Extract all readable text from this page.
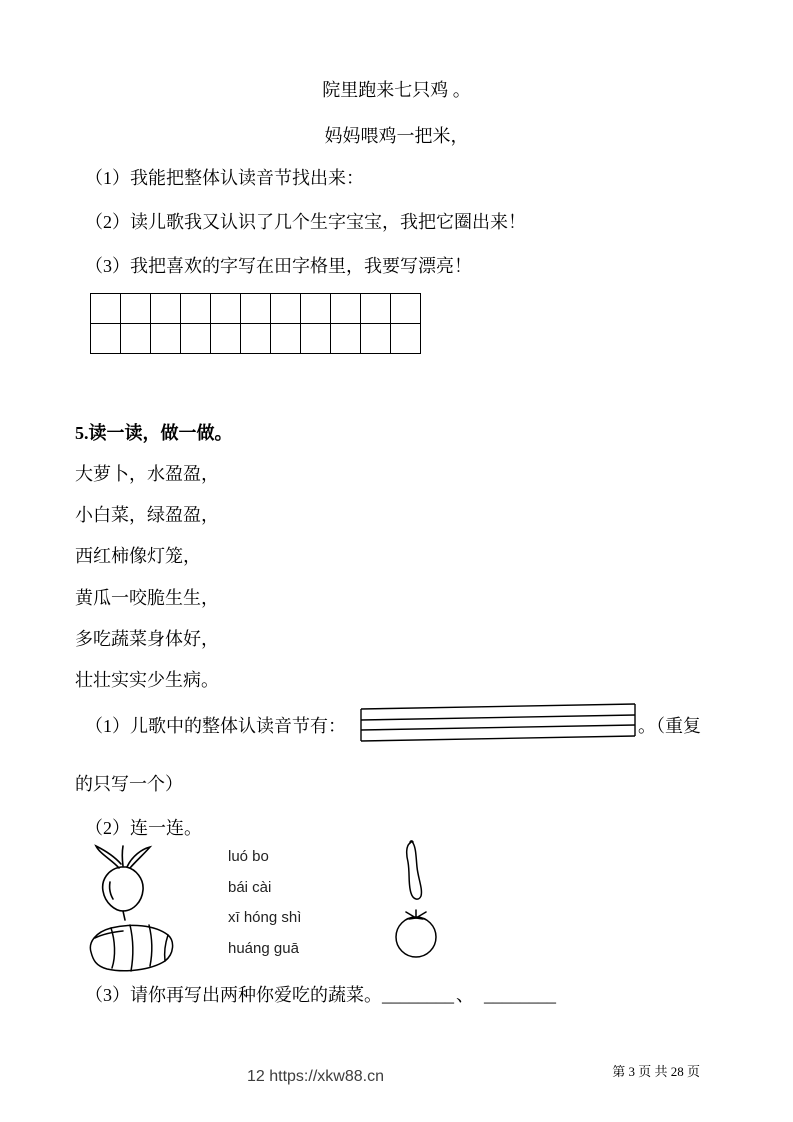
院里跑来七只鸡 。
妈妈喂鸡一把米，
（1）我能把整体认读音节找出来：
（2）读儿歌我又认识了几个生字宝宝，我把它圈出来！
（3）我把喜欢的字写在田字格里，我要写漂亮！
5.读一读，做一做。
大萝卜，水盈盈，
小白菜，绿盈盈，
西红柿像灯笼，
黄瓜一咬脆生生，
多吃蔬菜身体好，
壮壮实实少生病。
（1）儿歌中的整体认读音节有：	。（重复
的只写一个）
（2）连一连。
luó bo
bái cài
xī hóng shì
huáng guā
（3）请你再写出两种你爱吃的蔬菜。________ 、 ________
12 https://xkw88.cn	第 3 页 共 28 页
